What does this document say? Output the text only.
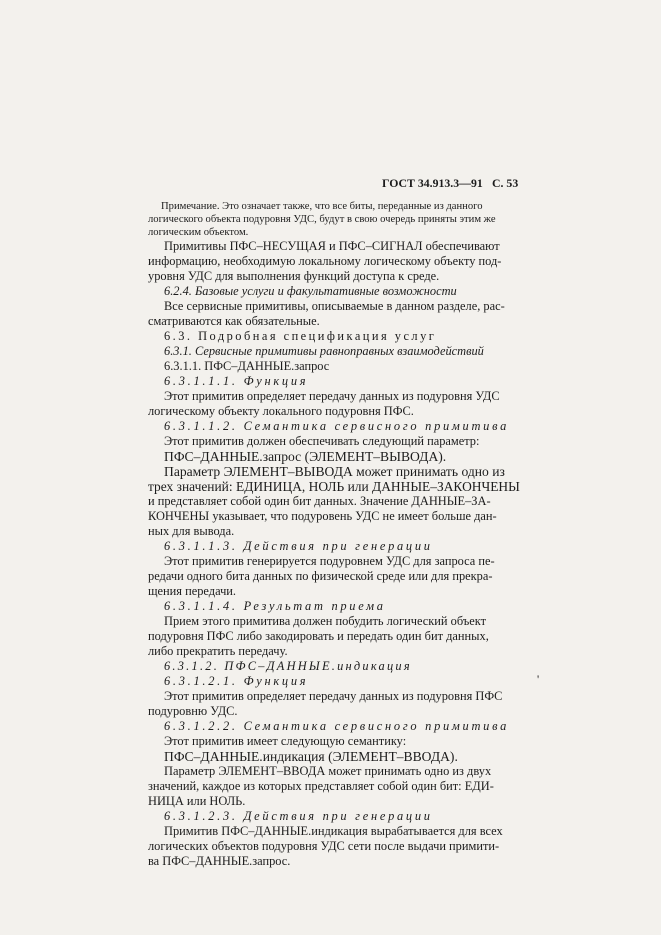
ГОСТ 34.913.3—91 С. 53
Примечание. Это означает также, что все биты, переданные из данного
логического объекта подуровня УДС, будут в свою очередь приняты этим же
логическим объектом.
Примитивы ПФС–НЕСУЩАЯ и ПФС–СИГНАЛ обеспечивают
информацию, необходимую локальному логическому объекту под-
уровня УДС для выполнения функций доступа к среде.
6.2.4. Базовые услуги и факультативные возможности
Все сервисные примитивы, описываемые в данном разделе, рас-
сматриваются как обязательные.
6.3. Подробная спецификация услуг
6.3.1. Сервисные примитивы равноправных взаимодействий
6.3.1.1. ПФС–ДАННЫЕ.запрос
6.3.1.1.1. Функция
Этот примитив определяет передачу данных из подуровня УДС
логическому объекту локального подуровня ПФС.
6.3.1.1.2. Семантика сервисного примитива
Этот примитив должен обеспечивать следующий параметр:
ПФС–ДАННЫЕ.запрос (ЭЛЕМЕНТ–ВЫВОДА).
Параметр ЭЛЕМЕНТ–ВЫВОДА может принимать одно из
трех значений: ЕДИНИЦА, НОЛЬ или ДАННЫЕ–ЗАКОНЧЕНЫ
и представляет собой один бит данных. Значение ДАННЫЕ–ЗА-
КОНЧЕНЫ указывает, что подуровень УДС не имеет больше дан-
ных для вывода.
6.3.1.1.3. Действия при генерации
Этот примитив генерируется подуровнем УДС для запроса пе-
редачи одного бита данных по физической среде или для прекра-
щения передачи.
6.3.1.1.4. Результат приема
Прием этого примитива должен побудить логический объект
подуровня ПФС либо закодировать и передать один бит данных,
либо прекратить передачу.
6.3.1.2. ПФС–ДАННЫЕ.индикация
6.3.1.2.1. Функция
Этот примитив определяет передачу данных из подуровня ПФС
подуровню УДС.
6.3.1.2.2. Семантика сервисного примитива
Этот примитив имеет следующую семантику:
ПФС–ДАННЫЕ.индикация (ЭЛЕМЕНТ–ВВОДА).
Параметр ЭЛЕМЕНТ–ВВОДА может принимать одно из двух
значений, каждое из которых представляет собой один бит: ЕДИ-
НИЦА или НОЛЬ.
6.3.1.2.3. Действия при генерации
Примитив ПФС–ДАННЫЕ.индикация вырабатывается для всех
логических объектов подуровня УДС сети после выдачи примити-
ва ПФС–ДАННЫЕ.запрос.
'
